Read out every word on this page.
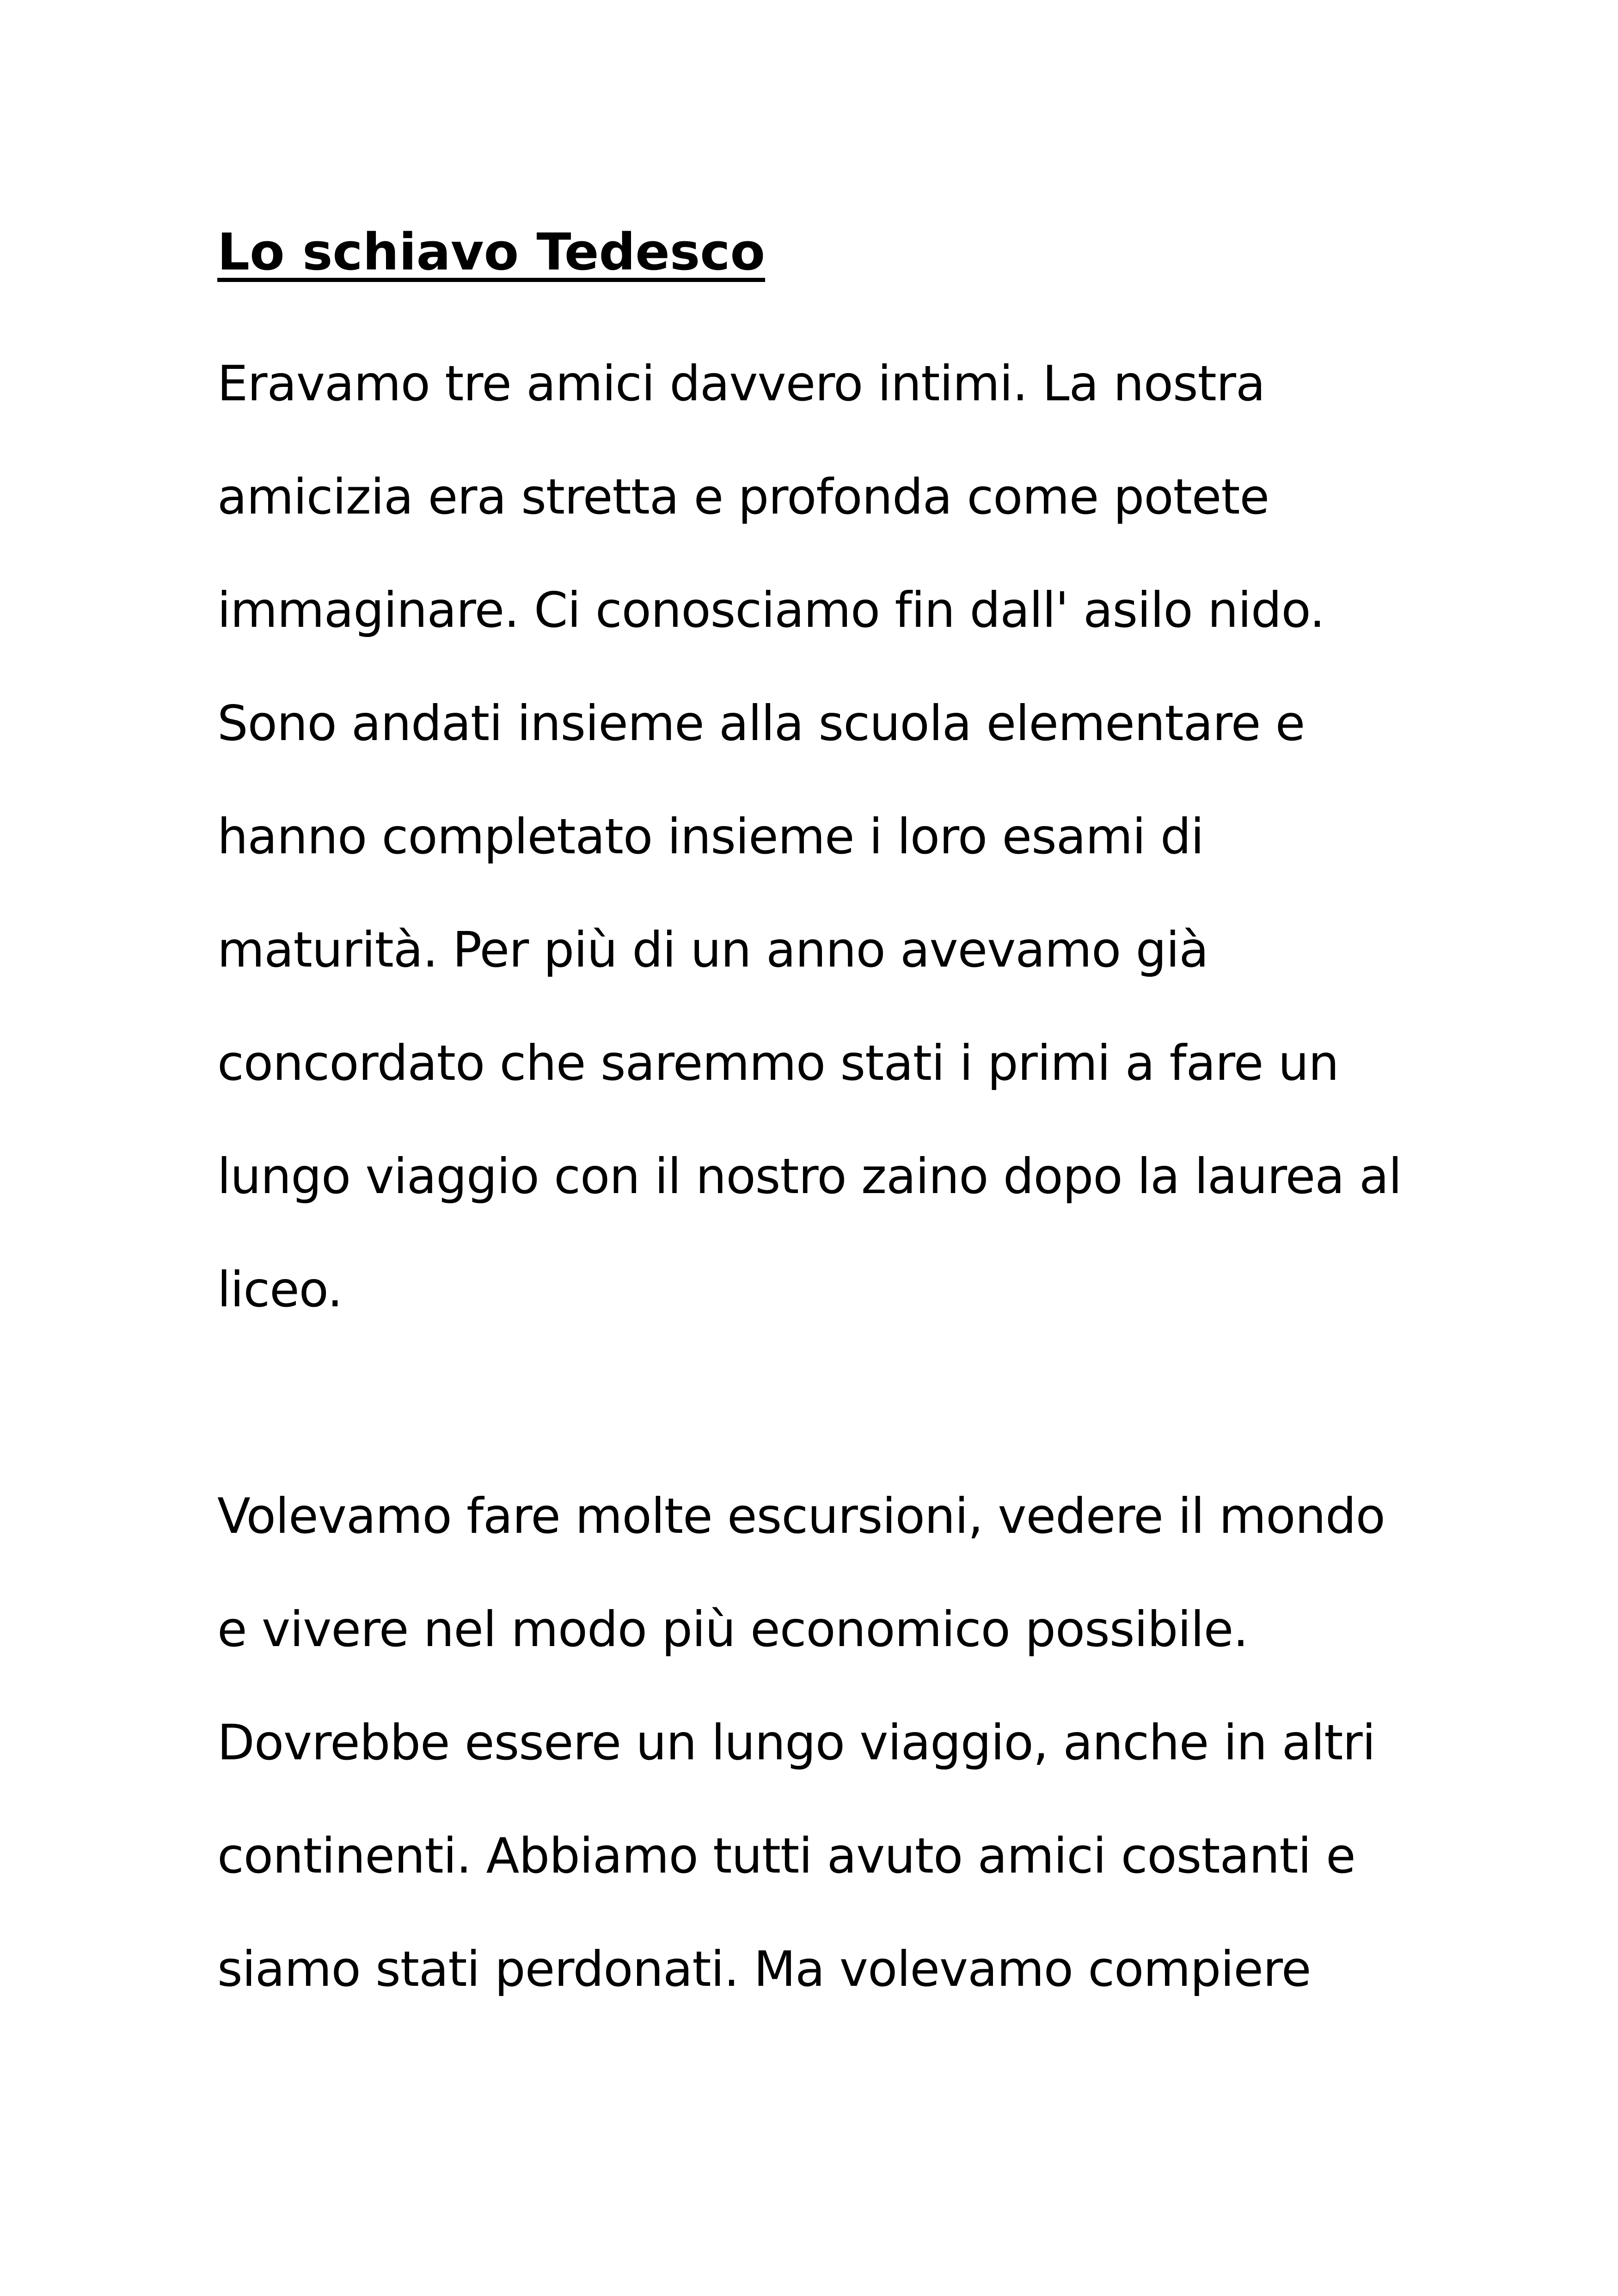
Lo schiavo Tedesco

Eravamo tre amici davvero intimi. La nostra

amicizia era stretta e profonda come potete

immaginare. Ci conosciamo fin dall' asilo nido.

Sono andati insieme alla scuola elementare e

hanno completato insieme i loro esami di

maturità. Per più di un anno avevamo già

concordato che saremmo stati i primi a fare un

lungo viaggio con il nostro zaino dopo la laurea al

liceo.

Volevamo fare molte escursioni, vedere il mondo

e vivere nel modo più economico possibile.

Dovrebbe essere un lungo viaggio, anche in altri

continenti. Abbiamo tutti avuto amici costanti e

siamo stati perdonati. Ma volevamo compiere
